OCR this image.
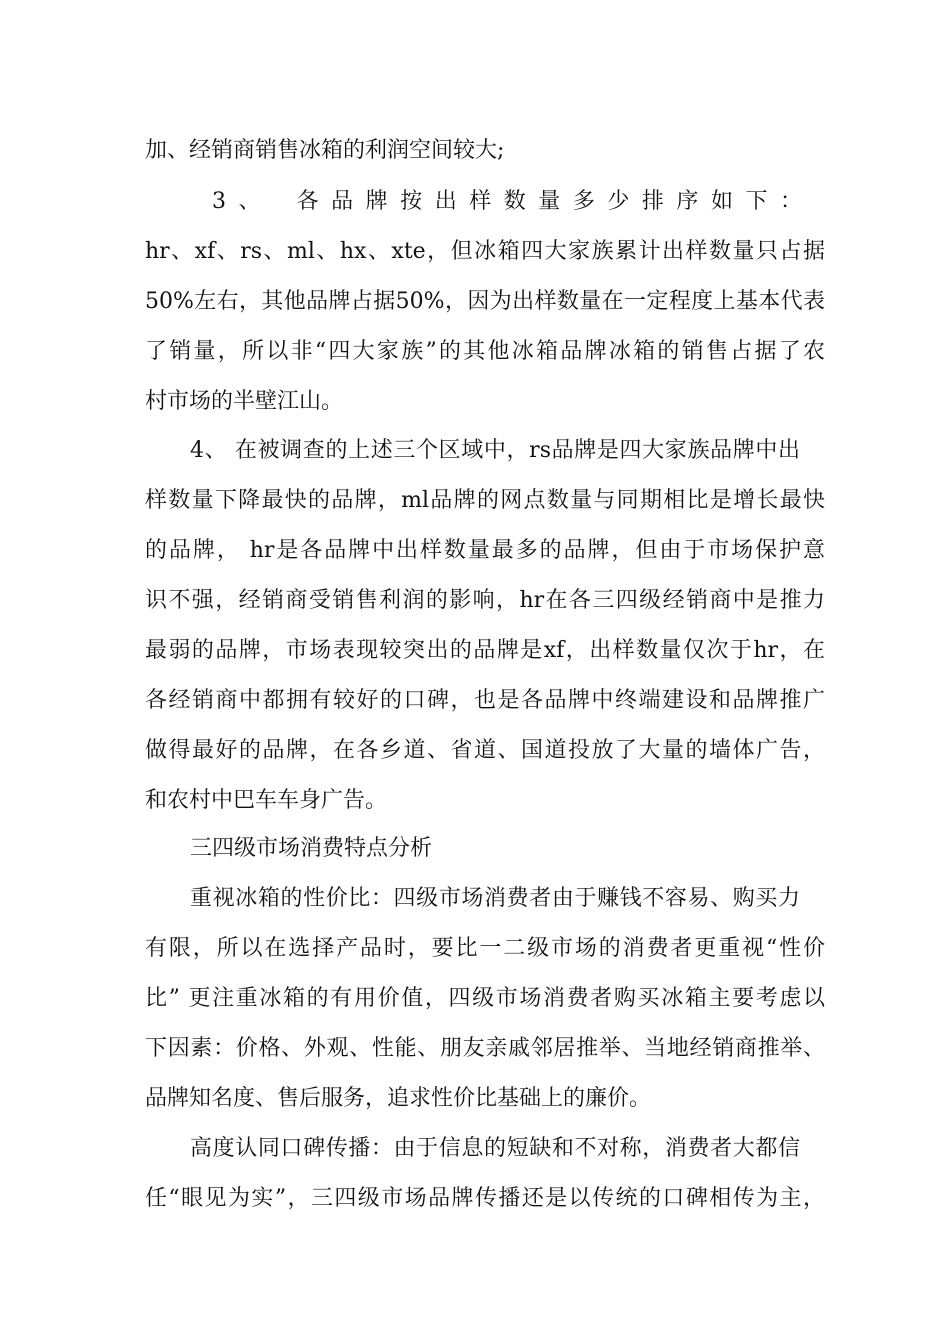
加、经销商销售冰箱的利润空间较大;
3、　各品牌按出样数量多少排序如下：
hr、xf、rs、ml、hx、xte，但冰箱四大家族累计出样数量只占据
50%左右，其他品牌占据50%，因为出样数量在一定程度上基本代表
了销量，所以非“四大家族”的其他冰箱品牌冰箱的销售占据了农
村市场的半壁江山。
4、 在被调查的上述三个区域中，rs品牌是四大家族品牌中出
样数量下降最快的品牌，ml品牌的网点数量与同期相比是增长最快
的品牌， hr是各品牌中出样数量最多的品牌，但由于市场保护意
识不强，经销商受销售利润的影响，hr在各三四级经销商中是推力
最弱的品牌，市场表现较突出的品牌是xf，出样数量仅次于hr，在
各经销商中都拥有较好的口碑，也是各品牌中终端建设和品牌推广
做得最好的品牌，在各乡道、省道、国道投放了大量的墙体广告，
和农村中巴车车身广告。
三四级市场消费特点分析
重视冰箱的性价比：四级市场消费者由于赚钱不容易、购买力
有限，所以在选择产品时，要比一二级市场的消费者更重视“性价
比” 更注重冰箱的有用价值，四级市场消费者购买冰箱主要考虑以
下因素：价格、外观、性能、朋友亲戚邻居推举、当地经销商推举、
品牌知名度、售后服务，追求性价比基础上的廉价。
高度认同口碑传播：由于信息的短缺和不对称，消费者大都信
任“眼见为实”，三四级市场品牌传播还是以传统的口碑相传为主，
